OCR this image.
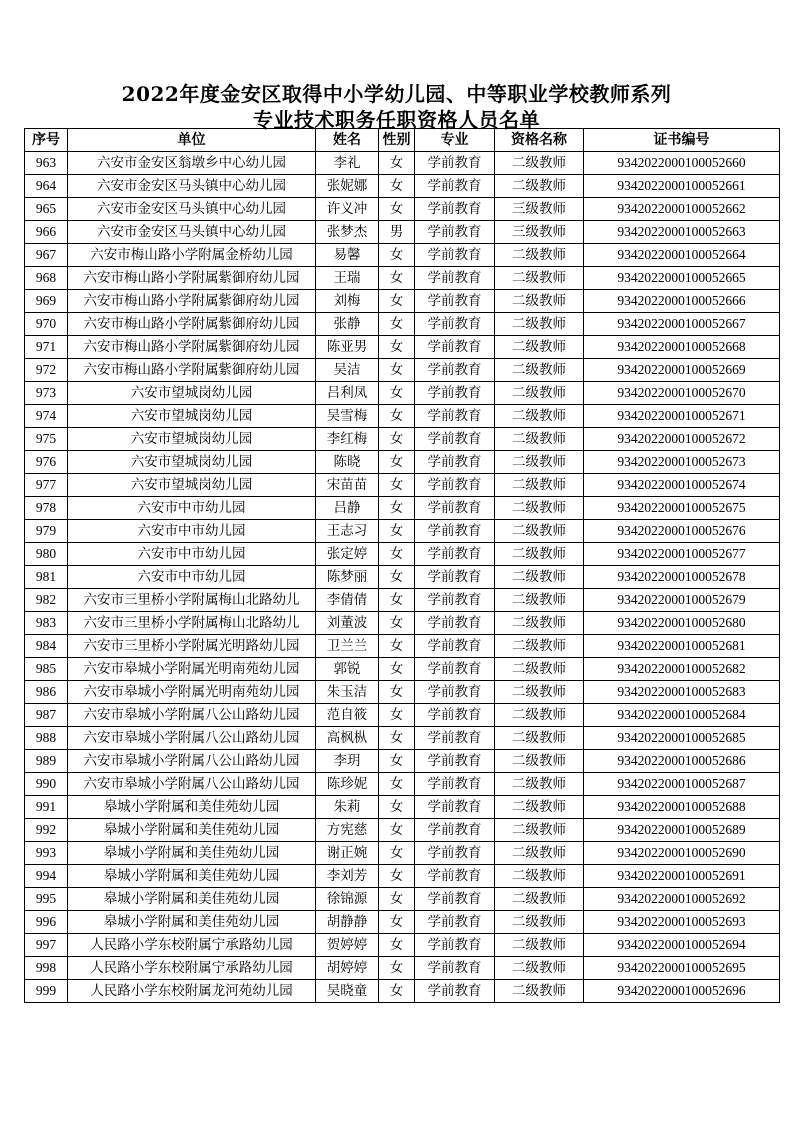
2022年度金安区取得中小学幼儿园、中等职业学校教师系列
专业技术职务任职资格人员名单
序号	单位	姓名	性别	专业	资格名称	证书编号
963	六安市金安区翁墩乡中心幼儿园	李礼	女	学前教育	二级教师	934202200010005266​0
964	六安市金安区马头镇中心幼儿园	张妮娜	女	学前教育	二级教师	9342022000100052661
965	六安市金安区马头镇中心幼儿园	许义冲	女	学前教育	三级教师	9342022000100052662
966	六安市金安区马头镇中心幼儿园	张梦杰	男	学前教育	三级教师	9342022000100052663
967	六安市梅山路小学附属金桥幼儿园	易馨	女	学前教育	二级教师	9342022000100052664
968	六安市梅山路小学附属紫御府幼儿园	王瑞	女	学前教育	二级教师	9342022000100052665
969	六安市梅山路小学附属紫御府幼儿园	刘梅	女	学前教育	二级教师	9342022000100052666
970	六安市梅山路小学附属紫御府幼儿园	张静	女	学前教育	二级教师	9342022000100052667
971	六安市梅山路小学附属紫御府幼儿园	陈亚男	女	学前教育	二级教师	9342022000100052668
972	六安市梅山路小学附属紫御府幼儿园	吴洁	女	学前教育	二级教师	9342022000100052669
973	六安市望城岗幼儿园	吕利凤	女	学前教育	二级教师	9342022000100052670
974	六安市望城岗幼儿园	吴雪梅	女	学前教育	二级教师	9342022000100052671
975	六安市望城岗幼儿园	李红梅	女	学前教育	二级教师	9342022000100052672
976	六安市望城岗幼儿园	陈晓	女	学前教育	二级教师	9342022000100052673
977	六安市望城岗幼儿园	宋苗苗	女	学前教育	二级教师	9342022000100052674
978	六安市中市幼儿园	吕静	女	学前教育	二级教师	9342022000100052675
979	六安市中市幼儿园	王志习	女	学前教育	二级教师	9342022000100052676
980	六安市中市幼儿园	张定婷	女	学前教育	二级教师	9342022000100052677
981	六安市中市幼儿园	陈梦丽	女	学前教育	二级教师	9342022000100052678
982	六安市三里桥小学附属梅山北路幼儿	李倩倩	女	学前教育	二级教师	9342022000100052679
983	六安市三里桥小学附属梅山北路幼儿	刘董波	女	学前教育	二级教师	9342022000100052680
984	六安市三里桥小学附属光明路幼儿园	卫兰兰	女	学前教育	二级教师	9342022000100052681
985	六安市皋城小学附属光明南苑幼儿园	郭锐	女	学前教育	二级教师	9342022000100052682
986	六安市皋城小学附属光明南苑幼儿园	朱玉洁	女	学前教育	二级教师	9342022000100052683
987	六安市皋城小学附属八公山路幼儿园	范自筱	女	学前教育	二级教师	9342022000100052684
988	六安市皋城小学附属八公山路幼儿园	高枫枞	女	学前教育	二级教师	9342022000100052685
989	六安市皋城小学附属八公山路幼儿园	李玥	女	学前教育	二级教师	9342022000100052686
990	六安市皋城小学附属八公山路幼儿园	陈珍妮	女	学前教育	二级教师	9342022000100052687
991	皋城小学附属和美佳苑幼儿园	朱莉	女	学前教育	二级教师	9342022000100052688
992	皋城小学附属和美佳苑幼儿园	方宪慈	女	学前教育	二级教师	9342022000100052689
993	皋城小学附属和美佳苑幼儿园	谢正婉	女	学前教育	二级教师	9342022000100052690
994	皋城小学附属和美佳苑幼儿园	李刘芳	女	学前教育	二级教师	9342022000100052691
995	皋城小学附属和美佳苑幼儿园	徐锦源	女	学前教育	二级教师	9342022000100052692
996	皋城小学附属和美佳苑幼儿园	胡静静	女	学前教育	二级教师	9342022000100052693
997	人民路小学东校附属宁承路幼儿园	贺婷婷	女	学前教育	二级教师	9342022000100052694
998	人民路小学东校附属宁承路幼儿园	胡婷婷	女	学前教育	二级教师	9342022000100052695
999	人民路小学东校附属龙河苑幼儿园	吴晓童	女	学前教育	二级教师	9342022000100052696
